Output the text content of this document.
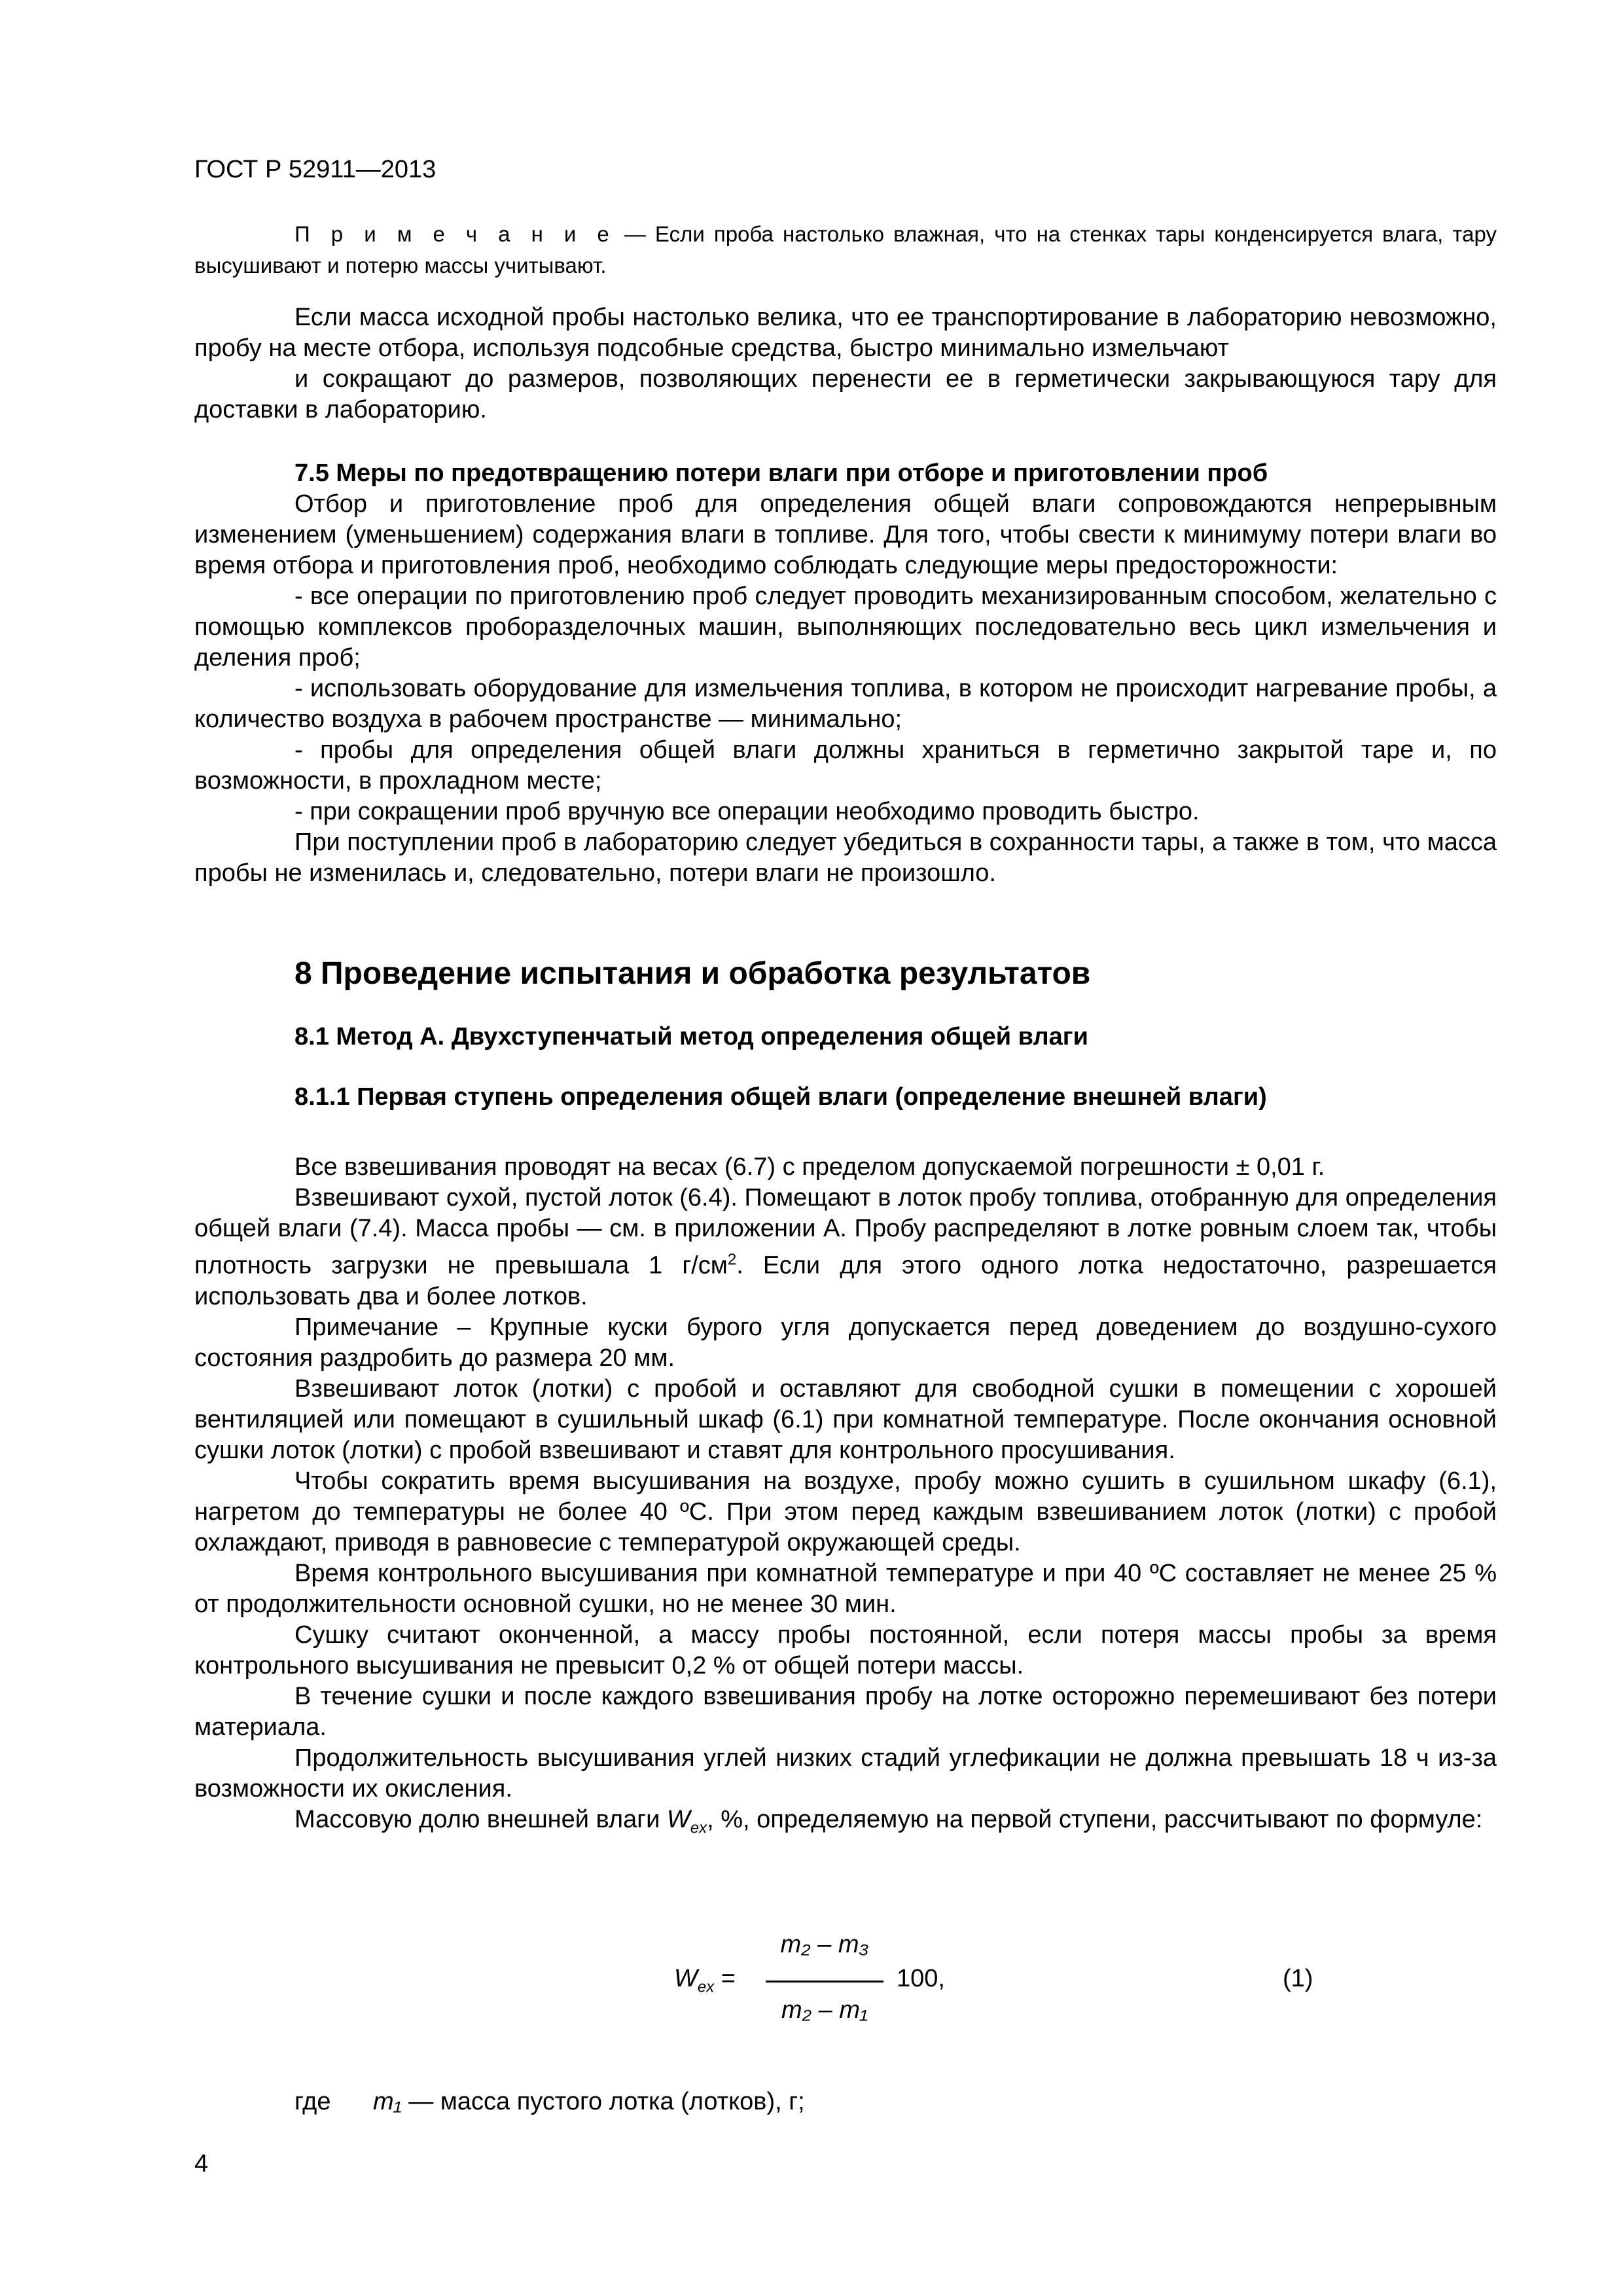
ГОСТ Р 52911—2013

П р и м е ч а н и е — Если проба настолько влажная, что на стенках тары конденсируется влага, тару высушивают и потерю массы учитывают.

Если масса исходной пробы настолько велика, что ее транспортирование в лабораторию невозможно, пробу на месте отбора, используя подсобные средства, быстро минимально измельчают

и сокращают до размеров, позволяющих перенести ее в герметически закрывающуюся тару для доставки в лабораторию.

7.5 Меры по предотвращению потери влаги при отборе и приготовлении проб

Отбор и приготовление проб для определения общей влаги сопровождаются непрерывным изменением (уменьшением) содержания влаги в топливе. Для того, чтобы свести к минимуму потери влаги во время отбора и приготовления проб, необходимо соблюдать следующие меры предосторожности:

- все операции по приготовлению проб следует проводить механизированным способом, желательно с помощью комплексов проборазделочных машин, выполняющих последовательно весь цикл измельчения и деления проб;

- использовать оборудование для измельчения топлива, в котором не происходит нагревание пробы, а количество воздуха в рабочем пространстве — минимально;

- пробы для определения общей влаги должны храниться в герметично закрытой таре и, по возможности, в прохладном месте;

- при сокращении проб вручную все операции необходимо проводить быстро.

При поступлении проб в лабораторию следует убедиться в сохранности тары, а также в том, что масса пробы не изменилась и, следовательно, потери влаги не произошло.

8 Проведение испытания и обработка результатов

8.1 Метод А. Двухступенчатый метод определения общей влаги

8.1.1 Первая ступень определения общей влаги (определение внешней влаги)

Все взвешивания проводят на весах (6.7) с пределом допускаемой погрешности ± 0,01 г.

Взвешивают сухой, пустой лоток (6.4). Помещают в лоток пробу топлива, отобранную для определения общей влаги (7.4). Масса пробы — см. в приложении А. Пробу распределяют в лотке ровным слоем так, чтобы плотность загрузки не превышала 1 $г/см^2$. Если для этого одного лотка недостаточно, разрешается использовать два и более лотков.

Примечание – Крупные куски бурого угля допускается перед доведением до воздушно-сухого состояния раздробить до размера 20 мм.

Взвешивают лоток (лотки) с пробой и оставляют для свободной сушки в помещении с хорошей вентиляцией или помещают в сушильный шкаф (6.1) при комнатной температуре. После окончания основной сушки лоток (лотки) с пробой взвешивают и ставят для контрольного просушивания.

Чтобы сократить время высушивания на воздухе, пробу можно сушить в сушильном шкафу (6.1), нагретом до температуры не более 40 ºС. При этом перед каждым взвешиванием лоток (лотки) с пробой охлаждают, приводя в равновесие с температурой окружающей среды.

Время контрольного высушивания при комнатной температуре и при 40 ºС составляет не менее 25 % от продолжительности основной сушки, но не менее 30 мин.

Сушку считают оконченной, а массу пробы постоянной, если потеря массы пробы за время контрольного высушивания не превысит 0,2 % от общей потери массы.

В течение сушки и после каждого взвешивания пробу на лотке осторожно перемешивают без потери материала.

Продолжительность высушивания углей низких стадий углефикации не должна превышать 18 ч из-за возможности их окисления.

Массовую долю внешней влаги $W_{ex}$, %, определяемую на первой ступени, рассчитывают по формуле:

$W_{ex}$ =
m₂ – m₃
m₂ – m₁
100,	(1)

где m₁ — масса пустого лотка (лотков), г;

4
